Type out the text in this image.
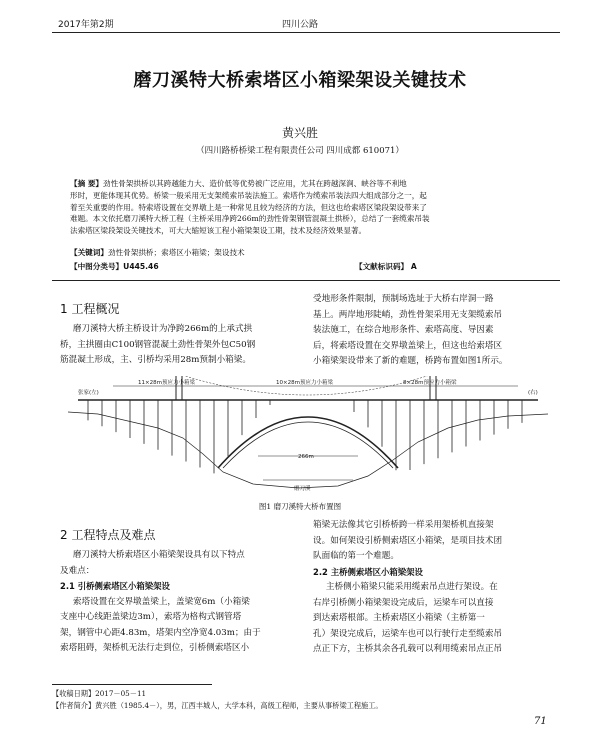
2017年第2期	四川公路
磨刀溪特大桥索塔区小箱梁架设关键技术
黄兴胜
（四川路桥桥梁工程有限责任公司 四川成都 610071）
【摘 要】劲性骨架拱桥以其跨越能力大、造价低等优势被广泛应用，尤其在跨越深涧、峡谷等不利地
形时，更能体现其优势。桥梁一般采用无支架缆索吊装法施工。索塔作为缆索吊装法四大组成部分之一，起
着至关重要的作用。特索塔设置在交界墩上是一种常见且较为经济的方法，但这也给索塔区梁段架设带来了
难题。本文依托磨刀溪特大桥工程（主桥采用净跨266m的劲性骨架钢管混凝土拱桥），总结了一套缆索吊装
法索塔区梁段架设关键技术，可大大缩短该工程小箱梁架设工期，技术及经济效果显著。
【关键词】劲性骨架拱桥；索塔区小箱梁；架设技术
【中图分类号】U445.46	【文献标识码】 A
1 工程概况
磨刀溪特大桥主桥设计为净跨266m的上承式拱
桥，主拱圈由C100钢管混凝土劲性骨架外包C50钢
筋混凝土形成，主、引桥均采用28m预制小箱梁。
受地形条件限制，预制场选址于大桥右岸洞一路
基上。两岸地形陡峭，劲性骨架采用无支架缆索吊
装法施工，在综合地形条件、索塔高度、导因素
后，将索塔设置在交界墩盖梁上，但这也给索塔区
小箱梁架设带来了新的难题，桥跨布置如图1所示。
张家(左)	(右)
11×28m预应力小箱梁	10×28m预应力小箱梁	8×28m预应力小箱梁
266m
磨刀溪
图1 磨刀溪特大桥布置图
2 工程特点及难点
磨刀溪特大桥索塔区小箱梁架设具有以下特点
及难点：
2.1 引桥侧索塔区小箱梁架设
索塔设置在交界墩盖梁上，盖梁宽6m（小箱梁
支座中心线距盖梁边3m），索塔为格构式钢管塔
架，钢管中心距4.83m，塔架内空净宽4.03m；由于
索塔阻碍，架桥机无法行走到位，引桥侧索塔区小
箱梁无法像其它引桥桥跨一样采用架桥机直接架
设。如何架设引桥侧索塔区小箱梁，是项目技术团
队面临的第一个难题。
2.2 主桥侧索塔区小箱梁架设
主桥侧小箱梁只能采用缆索吊点进行架设。在
右岸引桥侧小箱梁架设完成后，运梁车可以直接
到达索塔根部。主桥索塔区小箱梁（主桥第一
孔）架设完成后，运梁车也可以行驶行走至缆索吊
点正下方，主桥其余各孔载可以利用缆索吊点正吊
【收稿日期】2017－05－11
【作者简介】黄兴胜（1985.4－），男，江西丰城人，大学本科，高级工程师，主要从事桥梁工程施工。
71
